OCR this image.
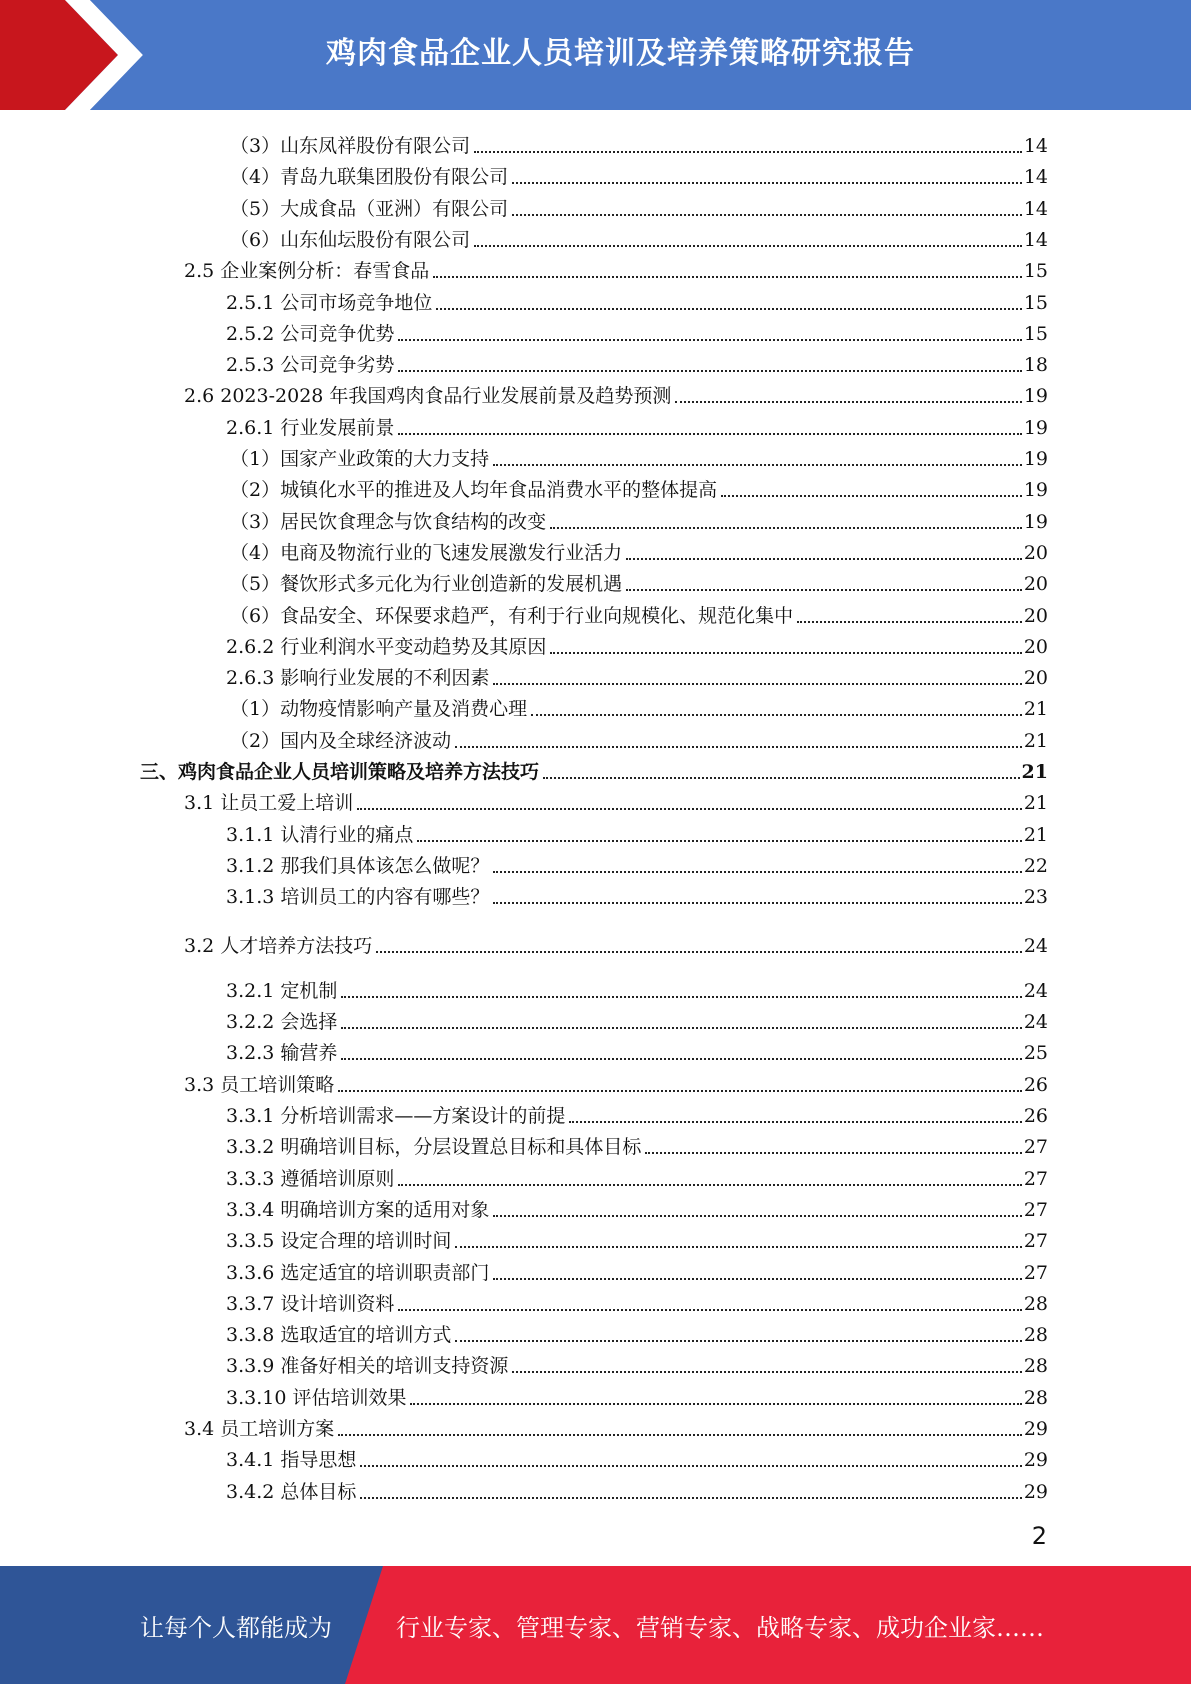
鸡肉食品企业人员培训及培养策略研究报告
（3）山东凤祥股份有限公司	14
（4）青岛九联集团股份有限公司	14
（5）大成食品（亚洲）有限公司	14
（6）山东仙坛股份有限公司	14
2.5 企业案例分析：春雪食品	15
2.5.1 公司市场竞争地位	15
2.5.2 公司竞争优势	15
2.5.3 公司竞争劣势	18
2.6 2023-2028 年我国鸡肉食品行业发展前景及趋势预测	19
2.6.1 行业发展前景	19
（1）国家产业政策的大力支持	19
（2）城镇化水平的推进及人均年食品消费水平的整体提高	19
（3）居民饮食理念与饮食结构的改变	19
（4）电商及物流行业的飞速发展激发行业活力	20
（5）餐饮形式多元化为行业创造新的发展机遇	20
（6）食品安全、环保要求趋严，有利于行业向规模化、规范化集中	20
2.6.2 行业利润水平变动趋势及其原因	20
2.6.3 影响行业发展的不利因素	20
（1）动物疫情影响产量及消费心理	21
（2）国内及全球经济波动	21
三、鸡肉食品企业人员培训策略及培养方法技巧	21
3.1 让员工爱上培训	21
3.1.1 认清行业的痛点	21
3.1.2 那我们具体该怎么做呢？	22
3.1.3 培训员工的内容有哪些？	23
3.2 人才培养方法技巧	24
3.2.1 定机制	24
3.2.2 会选择	24
3.2.3 输营养	25
3.3 员工培训策略	26
3.3.1 分析培训需求——方案设计的前提	26
3.3.2 明确培训目标，分层设置总目标和具体目标	27
3.3.3 遵循培训原则	27
3.3.4 明确培训方案的适用对象	27
3.3.5 设定合理的培训时间	27
3.3.6 选定适宜的培训职责部门	27
3.3.7 设计培训资料	28
3.3.8 选取适宜的培训方式	28
3.3.9 准备好相关的培训支持资源	28
3.3.10 评估培训效果	28
3.4 员工培训方案	29
3.4.1 指导思想	29
3.4.2 总体目标	29
2
让每个人都能成为	行业专家、管理专家、营销专家、战略专家、成功企业家……
